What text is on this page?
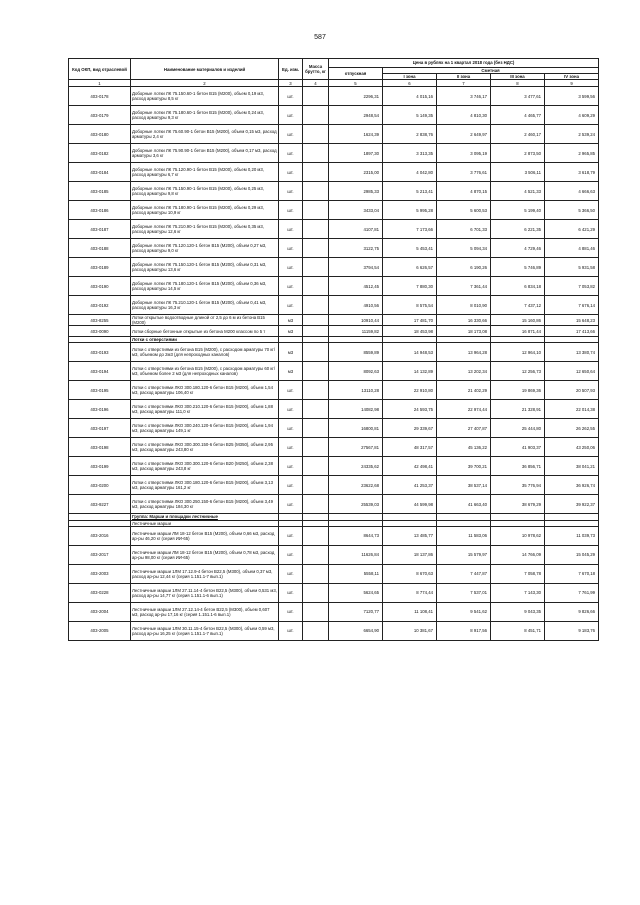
587
Код ОКП, вид отраслевой	Наименование материалов и изделий	Ед. изм.	Масса брутто, кг	Цена в рублях на 1 квартал 2018 года (без НДС)				
				отпускная	Сметная			
					I зона	II зона	III зона	IV зона
1	2	3	4	5	6	7	8	9
403-0178	Доборные лотки ЛК 75.150.60-1 бетон В15 (М200), объем 0,19 м3, расход арматуры 8,5 кг	шт.		2296,31	4 015,16	3 746,17	3 477,61	3 599,56
403-0179	Добоpные лотки ЛК 75.180.60-1 бетон В15 (М200), объем 0,24 м3, расход арматуры 9,3 кг	шт.		2948,54	5 149,35	4 810,30	4 465,77	4 609,29
403-0180	Добоpные лотки ЛК 75.60.90-1 бетон В15 (М200), объем 0,15 м3, расход арматуры 2,4 кг	шт.		1624,39	2 838,76	2 649,97	2 460,17	2 539,24
403-0182	Добоpные лотки ЛК 75.90.90-1 бетон В15 (М200), объем 0,17 м3, расход арматуры 3,6 кг	шт.		1897,30	3 313,35	3 095,19	2 873,50	2 965,85
403-0184	Добоpные лотки ЛК 75.120.90-1 бетон В15 (М200), объем 0,20 м3, расход арматуры 6,7 кг	шт.		2315,00	4 042,80	3 776,61	3 506,11	3 618,79
403-0185	Добоpные лотки ЛК 75.150.90-1 бетон В15 (М200), объем 0,25 м3, расход арматуры 9,8 кг	шт.		2985,33	5 213,41	4 870,15	4 521,33	4 666,63
403-0186	Добоpные лотки ЛК 75.180.90-1 бетон В15 (М200), объем 0,29 м3, расход арматуры 10,9 кг	шт.		3433,04	5 995,28	5 600,53	5 199,40	5 366,50
403-0187	Добоpные лотки ЛК 75.210.90-1 бетон В15 (М200), объем 0,35 м3, расход арматуры 12,6 кг	шт.		4107,81	7 173,66	6 701,33	6 221,35	6 421,29
403-0188	Добоpные лотки ЛК 75.120.120-1 бетон В15 (М200), объем 0,27 м3, расход арматуры 9,0 кг	шт.		3122,75	5 453,41	5 094,34	4 729,46	4 881,46
403-0189	Добоpные лотки ЛК 75.150.120-1 бетон В15 (М200), объем 0,31 м3, расход арматуры 13,6 кг	шт.		3794,54	6 626,57	6 190,26	5 746,89	5 931,58
403-0190	Добоpные лотки ЛК 75.180.120-1 бетон В15 (М200), объем 0,36 м3, расход арматуры 14,5 кг	шт.		4512,45	7 880,30	7 361,44	6 834,18	7 053,82
403-0192	Добоpные лотки ЛК 75.210.120-1 бетон В15 (М200), объем 0,41 м3, расход арматуры 16,3 кг	шт.		4910,56	8 575,54	8 010,90	7 437,12	7 676,14
403-8255	Лотки открытые водоотводные длиной от 2,5 до 6 м из бетона В15 (М200)	м3		10910,44	17 481,70	16 330,66	15 160,86	15 648,23
403-0090	Лотки сборные бетонные открытые из бетона М200 классом по 5 т	м3		11159,82	18 453,98	18 173,08	16 871,44	17 413,66
	Лотки с отверстиями							
403-0193	Лотки с отверстиями из бетона В15 (М200), с расходом арматуры 70 кг/м3, объемом до 2м3 (для непроходных каналов)	м3		8559,89	14 948,53	13 964,28	12 964,10	13 380,74
403-0194	Лотки с отверстиями из бетона В15 (М200), с расходом арматуры 60 кг/м3, объемом более 2 м3 (для непроходных каналов)	м3		8092,63	14 132,89	13 202,34	12 256,73	12 650,64
403-0195	Лотки с отверстиями ЛКО 300.180.120-6 бетон В15 (М200), объем 1,54 м3, расход арматуры 106,40 кг	шт.		13110,28	22 910,80	21 402,29	19 869,36	20 507,93
403-0196	Лотки с отверстиями ЛКО 300.210.120-6 бетон В15 (М200), объем 1,88 м3, расход арматуры 111,0 кг	шт.		14082,98	24 593,75	22 974,44	21 328,91	22 014,38
403-0197	Лотки с отверстиями ЛКО 300.240.120-6 бетон В15 (М200), объем 1,94 м3, расход арматуры 149,1 кг	шт.		16800,81	29 339,67	27 407,87	25 444,80	26 262,55
403-0198	Лотки с отверстиями ЛКО 300.300.150-6 бетон В25 (М350), объем 2,95 м3, расход арматуры 243,80 кг	шт.		27567,81	48 317,57	45 136,22	41 903,37	43 250,06
403-0199	Лотки с отверстиями ЛКО 300.300.120-6 бетон В20 (М250), объем 2,38 м3, расход арматуры 243,8 кг	шт.		24335,62	42 498,41	39 700,21	36 856,71	38 041,21
403-0200	Лотки с отверстиями ЛКО 300.180.120-6 бетон В15 (М200), объем 3,13 м3, расход арматуры 161,2 кг	шт.		23622,68	41 253,37	38 537,14	35 776,94	36 926,74
403-9227	Лотки с отверстиями ЛКО 300.250.150-6 бетон В15 (М200), объем 3,49 м3, расход арматуры 184,30 кг	шт.		25539,03	44 599,98	41 663,40	38 679,29	39 922,37
	Группа: Марши и площадки лестничные							
	Лестничные марши							
403-2016	Лестничные марши ЛМ 18-12 бетон В15 (М200), объем 0,66 м3, расход ар-ры 46,20 кг (серия ИИ-65)	шт.		8644,73	13 485,77	11 583,06	10 978,62	11 039,73
403-2017	Лестничные марши ЛМ 18-12 бетон В15 (М200), объем 0,78 м3, расход ар-ры 98,00 кг (серия ИИ-65)	шт.		11626,84	18 137,86	15 579,97	14 766,09	15 045,29
403-2003	Лестничные марши 1ЛМ 17.12.9-4 бетон В22,5 (М300), объем 0,37 м3, расход ар-ры 12,44 кг (серия 1.151.1-7 вып.1)	шт.		5558,11	8 670,63	7 447,87	7 058,78	7 670,18
403-0228	Лестничные марши 1ЛМ 27.11.14-4 бетон В22,5 (М300), объем 0,531 м3, расход ар-ры 14,77 кг (серия 1.151.1-6 вып.1)	шт.		5624,65	8 774,44	7 537,01	7 143,30	7 761,99
403-2004	Лестничные марши 1ЛМ 27.12.14-4 бетон В22,5 (М300), объем 0,607 м3, расход ар-ры 17,16 кг (серия 1.151.1-6 вып.1)	шт.		7120,77	11 108,41	9 541,62	9 043,35	9 826,66
403-2005	Лестничные марши 1ЛМ 30.11.15-4 бетон В22,5 (М300), объем 0,59 м3, расход ар-ры 16,25 кг (серия 1.151.1-7 вып.1)	шт.		6654,90	10 381,67	8 917,56	8 451,71	9 183,76
